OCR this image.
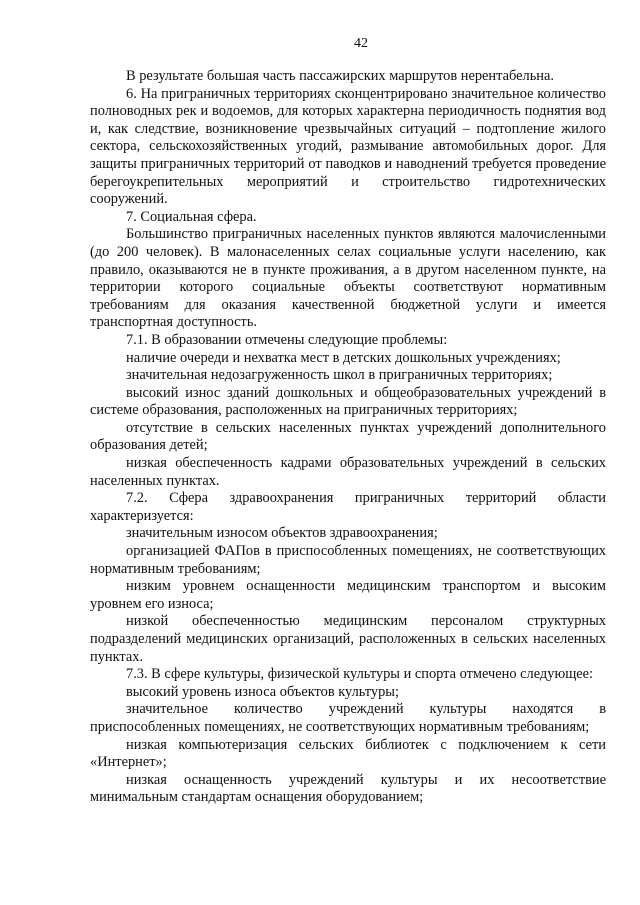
42

В результате большая часть пассажирских маршрутов нерентабельна.

6. На приграничных территориях сконцентрировано значительное количество полноводных рек и водоемов, для которых характерна периодичность поднятия вод и, как следствие, возникновение чрезвычайных ситуаций – подтопление жилого сектора, сельскохозяйственных угодий, размывание автомобильных дорог. Для защиты приграничных территорий от паводков и наводнений требуется проведение берегоукрепительных мероприятий и строительство гидротехнических сооружений.

7. Социальная сфера.

Большинство приграничных населенных пунктов являются малочисленными (до 200 человек). В малонаселенных селах социальные услуги населению, как правило, оказываются не в пункте проживания, а в другом населенном пункте, на территории которого социальные объекты соответствуют нормативным требованиям для оказания качественной бюджетной услуги и имеется транспортная доступность.

7.1. В образовании отмечены следующие проблемы:

наличие очереди и нехватка мест в детских дошкольных учреждениях;

значительная недозагруженность школ в приграничных территориях;

высокий износ зданий дошкольных и общеобразовательных учреждений в системе образования, расположенных на приграничных территориях;

отсутствие в сельских населенных пунктах учреждений дополнительного образования детей;

низкая обеспеченность кадрами образовательных учреждений в сельских населенных пунктах.

7.2. Сфера здравоохранения приграничных территорий области характеризуется:

значительным износом объектов здравоохранения;

организацией ФАПов в приспособленных помещениях, не соответствующих нормативным требованиям;

низким уровнем оснащенности медицинским транспортом и высоким уровнем его износа;

низкой обеспеченностью медицинским персоналом структурных подразделений медицинских организаций, расположенных в сельских населенных пунктах.

7.3. В сфере культуры, физической культуры и спорта отмечено следующее:

высокий уровень износа объектов культуры;

значительное количество учреждений культуры находятся в приспособленных помещениях, не соответствующих нормативным требованиям;

низкая компьютеризация сельских библиотек с подключением к сети «Интернет»;

низкая оснащенность учреждений культуры и их несоответствие минимальным стандартам оснащения оборудованием;
